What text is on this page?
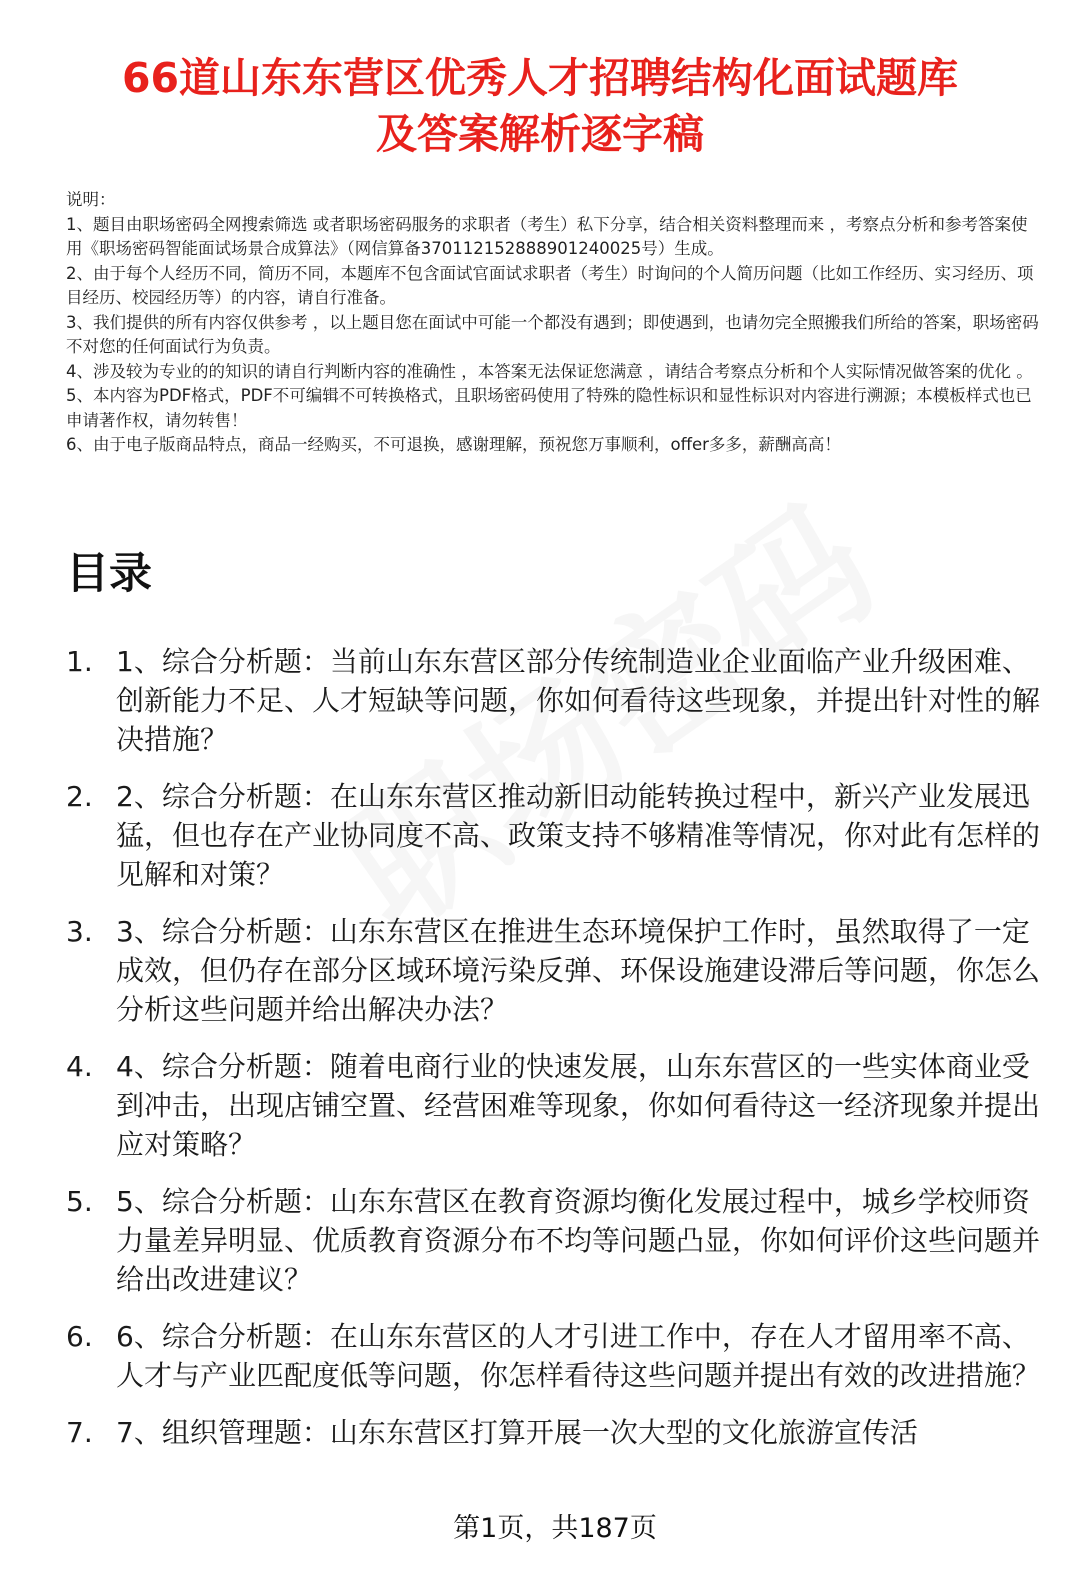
66道山东东营区优秀人才招聘结构化面试题库
及答案解析逐字稿

说明：

1、题目由职场密码全网搜索筛选 或者职场密码服务的求职者（考生）私下分享，结合相关资料整理而来 ，考察点分析和参考答案使用《职场密码智能面试场景合成算法》（网信算备370112152888901240025号）生成。

2、由于每个人经历不同，简历不同，本题库不包含面试官面试求职者（考生）时询问的个人简历问题（比如工作经历、实习经历、项目经历、校园经历等）的内容，请自行准备。

3、我们提供的所有内容仅供参考 ，以上题目您在面试中可能一个都没有遇到；即使遇到，也请勿完全照搬我们所给的答案，职场密码不对您的任何面试行为负责。

4、涉及较为专业的的知识的请自行判断内容的准确性 ，本答案无法保证您满意 ，请结合考察点分析和个人实际情况做答案的优化 。

5、本内容为PDF格式，PDF不可编辑不可转换格式，且职场密码使用了特殊的隐性标识和显性标识对内容进行溯源；本模板样式也已申请著作权，请勿转售！

6、由于电子版商品特点，商品一经购买，不可退换，感谢理解，预祝您万事顺利，offer多多，薪酬高高！

目录
1. 1、综合分析题：当前山东东营区部分传统制造业企业面临产业升级困难、创新能力不足、人才短缺等问题，你如何看待这些现象，并提出针对性的解决措施？
2. 2、综合分析题：在山东东营区推动新旧动能转换过程中，新兴产业发展迅猛，但也存在产业协同度不高、政策支持不够精准等情况，你对此有怎样的见解和对策？
3. 3、综合分析题：山东东营区在推进生态环境保护工作时，虽然取得了一定成效，但仍存在部分区域环境污染反弹、环保设施建设滞后等问题，你怎么分析这些问题并给出解决办法？
4. 4、综合分析题：随着电商行业的快速发展，山东东营区的一些实体商业受到冲击，出现店铺空置、经营困难等现象，你如何看待这一经济现象并提出应对策略？
5. 5、综合分析题：山东东营区在教育资源均衡化发展过程中，城乡学校师资力量差异明显、优质教育资源分布不均等问题凸显，你如何评价这些问题并给出改进建议？
6. 6、综合分析题：在山东东营区的人才引进工作中，存在人才留用率不高、人才与产业匹配度低等问题，你怎样看待这些问题并提出有效的改进措施？
7. 7、组织管理题：山东东营区打算开展一次大型的文化旅游宣传活
第1页，共187页
